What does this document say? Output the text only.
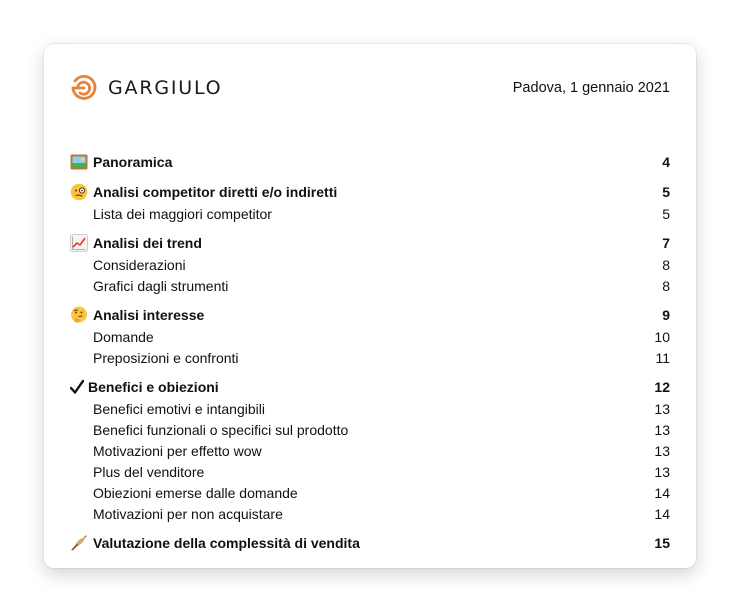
GARGIULO	Padova, 1 gennaio 2021
Panoramica	4
Analisi competitor diretti e/o indiretti	5
Lista dei maggiori competitor	5
Analisi dei trend	7
Considerazioni	8
Grafici dagli strumenti	8
Analisi interesse	9
Domande	10
Preposizioni e confronti	11
Benefici e obiezioni	12
Benefici emotivi e intangibili	13
Benefici funzionali o specifici sul prodotto	13
Motivazioni per effetto wow	13
Plus del venditore	13
Obiezioni emerse dalle domande	14
Motivazioni per non acquistare	14
Valutazione della complessità di vendita	15
